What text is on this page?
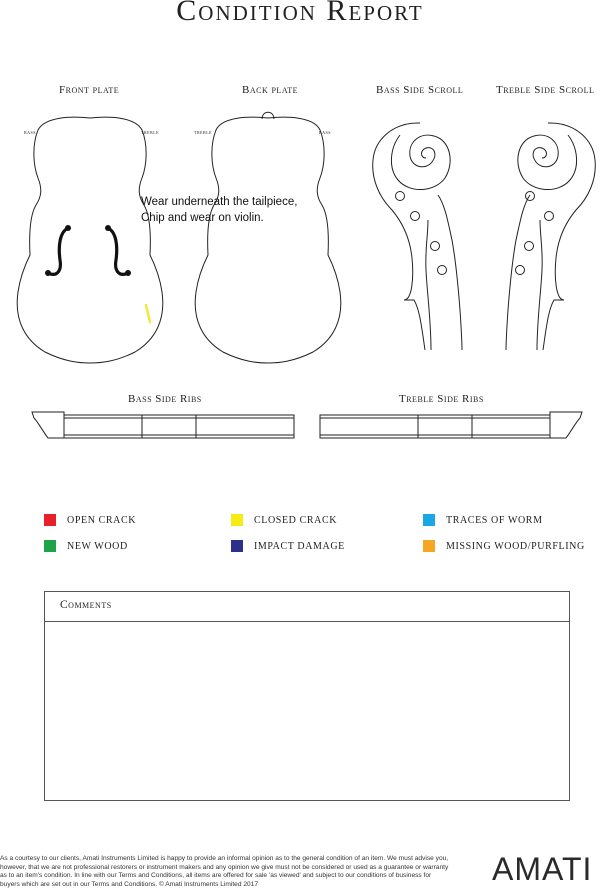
Condition Report
Front plate	Back plate	Bass Side Scroll	Treble Side Scroll
bass	treble	treble	bass
Bass Side Ribs	Treble Side Ribs
Wear underneath the tailpiece,
Chip and wear on violin.
OPEN CRACK	CLOSED CRACK	TRACES OF WORM
NEW WOOD	IMPACT DAMAGE	MISSING WOOD/PURFLING
Comments
As a courtesy to our clients, Amati Instruments Limited is happy to provide an informal opinion as to the general condition of an item. We must advise you, however, that we are not professional restorers or instrument makers and any opinion we give must not be considered or used as a guarantee or warranty as to an item's condition. In line with our Terms and Conditions, all items are offered for sale 'as viewed' and subject to our conditions of business for buyers which are set out in our Terms and Conditions. © Amati Instruments Limited 2017	AMATI
